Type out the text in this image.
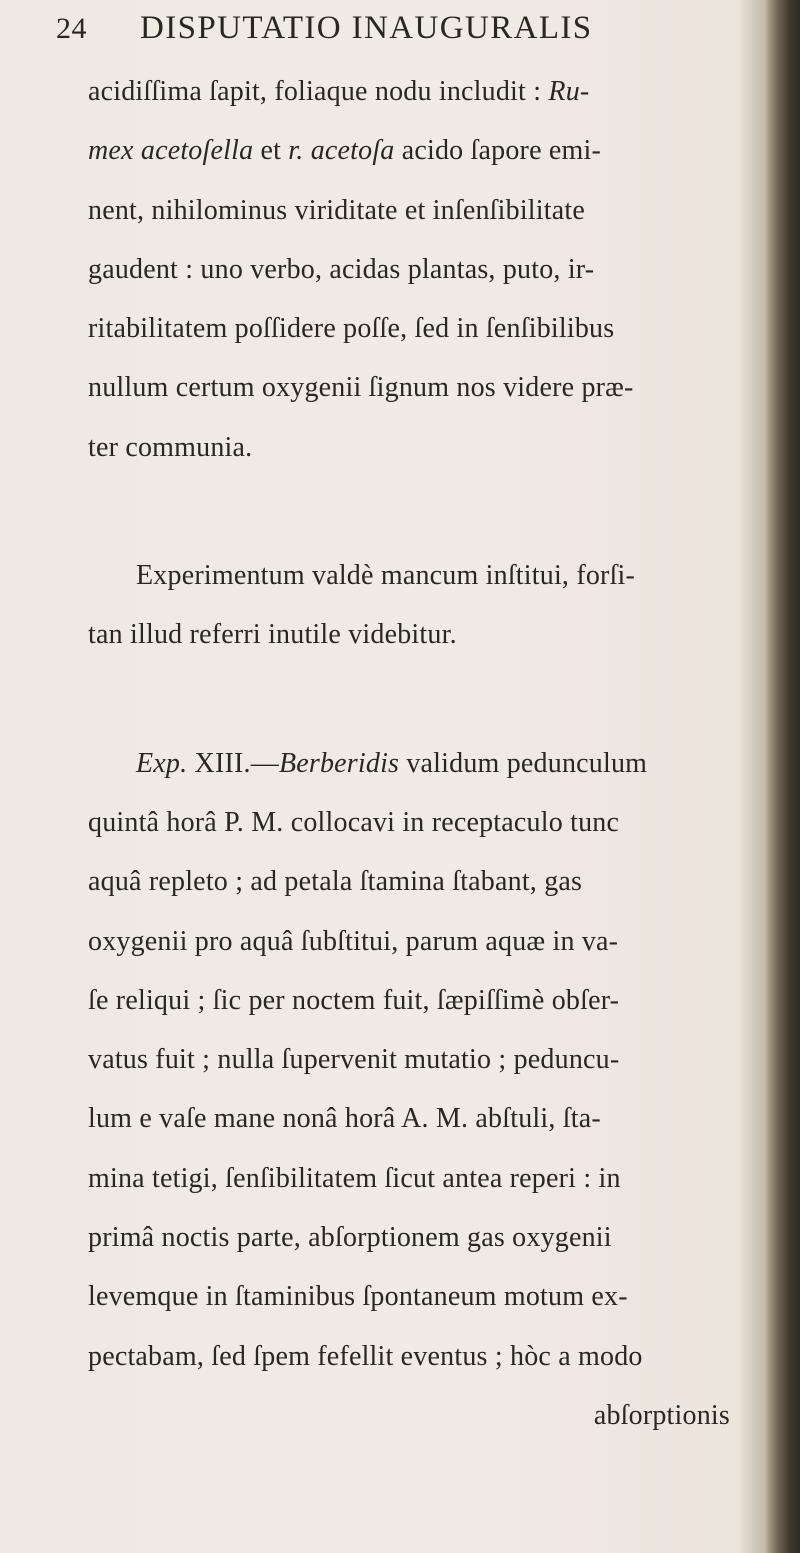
24 DISPUTATIO INAUGURALIS
acidiſſima ſapit, foliaque nodu includit : Ru-
mex acetoſella et r. acetoſa acido ſapore emi-
nent, nihilominus viriditate et inſenſibilitate
gaudent : uno verbo, acidas plantas, puto, ir-
ritabilitatem poſſidere poſſe, ſed in ſenſibilibus
nullum certum oxygenii ſignum nos videre præ-
ter communia.
Experimentum valdè mancum inſtitui, forſi-
tan illud referri inutile videbitur.
Exp. XIII.—Berberidis validum pedunculum
quintâ horâ P. M. collocavi in receptaculo tunc
aquâ repleto ; ad petala ſtamina ſtabant, gas
oxygenii pro aquâ ſubſtitui, parum aquæ in va-
ſe reliqui ; ſic per noctem fuit, ſæpiſſimè obſer-
vatus fuit ; nulla ſupervenit mutatio ; peduncu-
lum e vaſe mane nonâ horâ A. M. abſtuli, ſta-
mina tetigi, ſenſibilitatem ſicut antea reperi : in
primâ noctis parte, abſorptionem gas oxygenii
levemque in ſtaminibus ſpontaneum motum ex-
pectabam, ſed ſpem fefellit eventus ; hòc a modo
abſorptionis
